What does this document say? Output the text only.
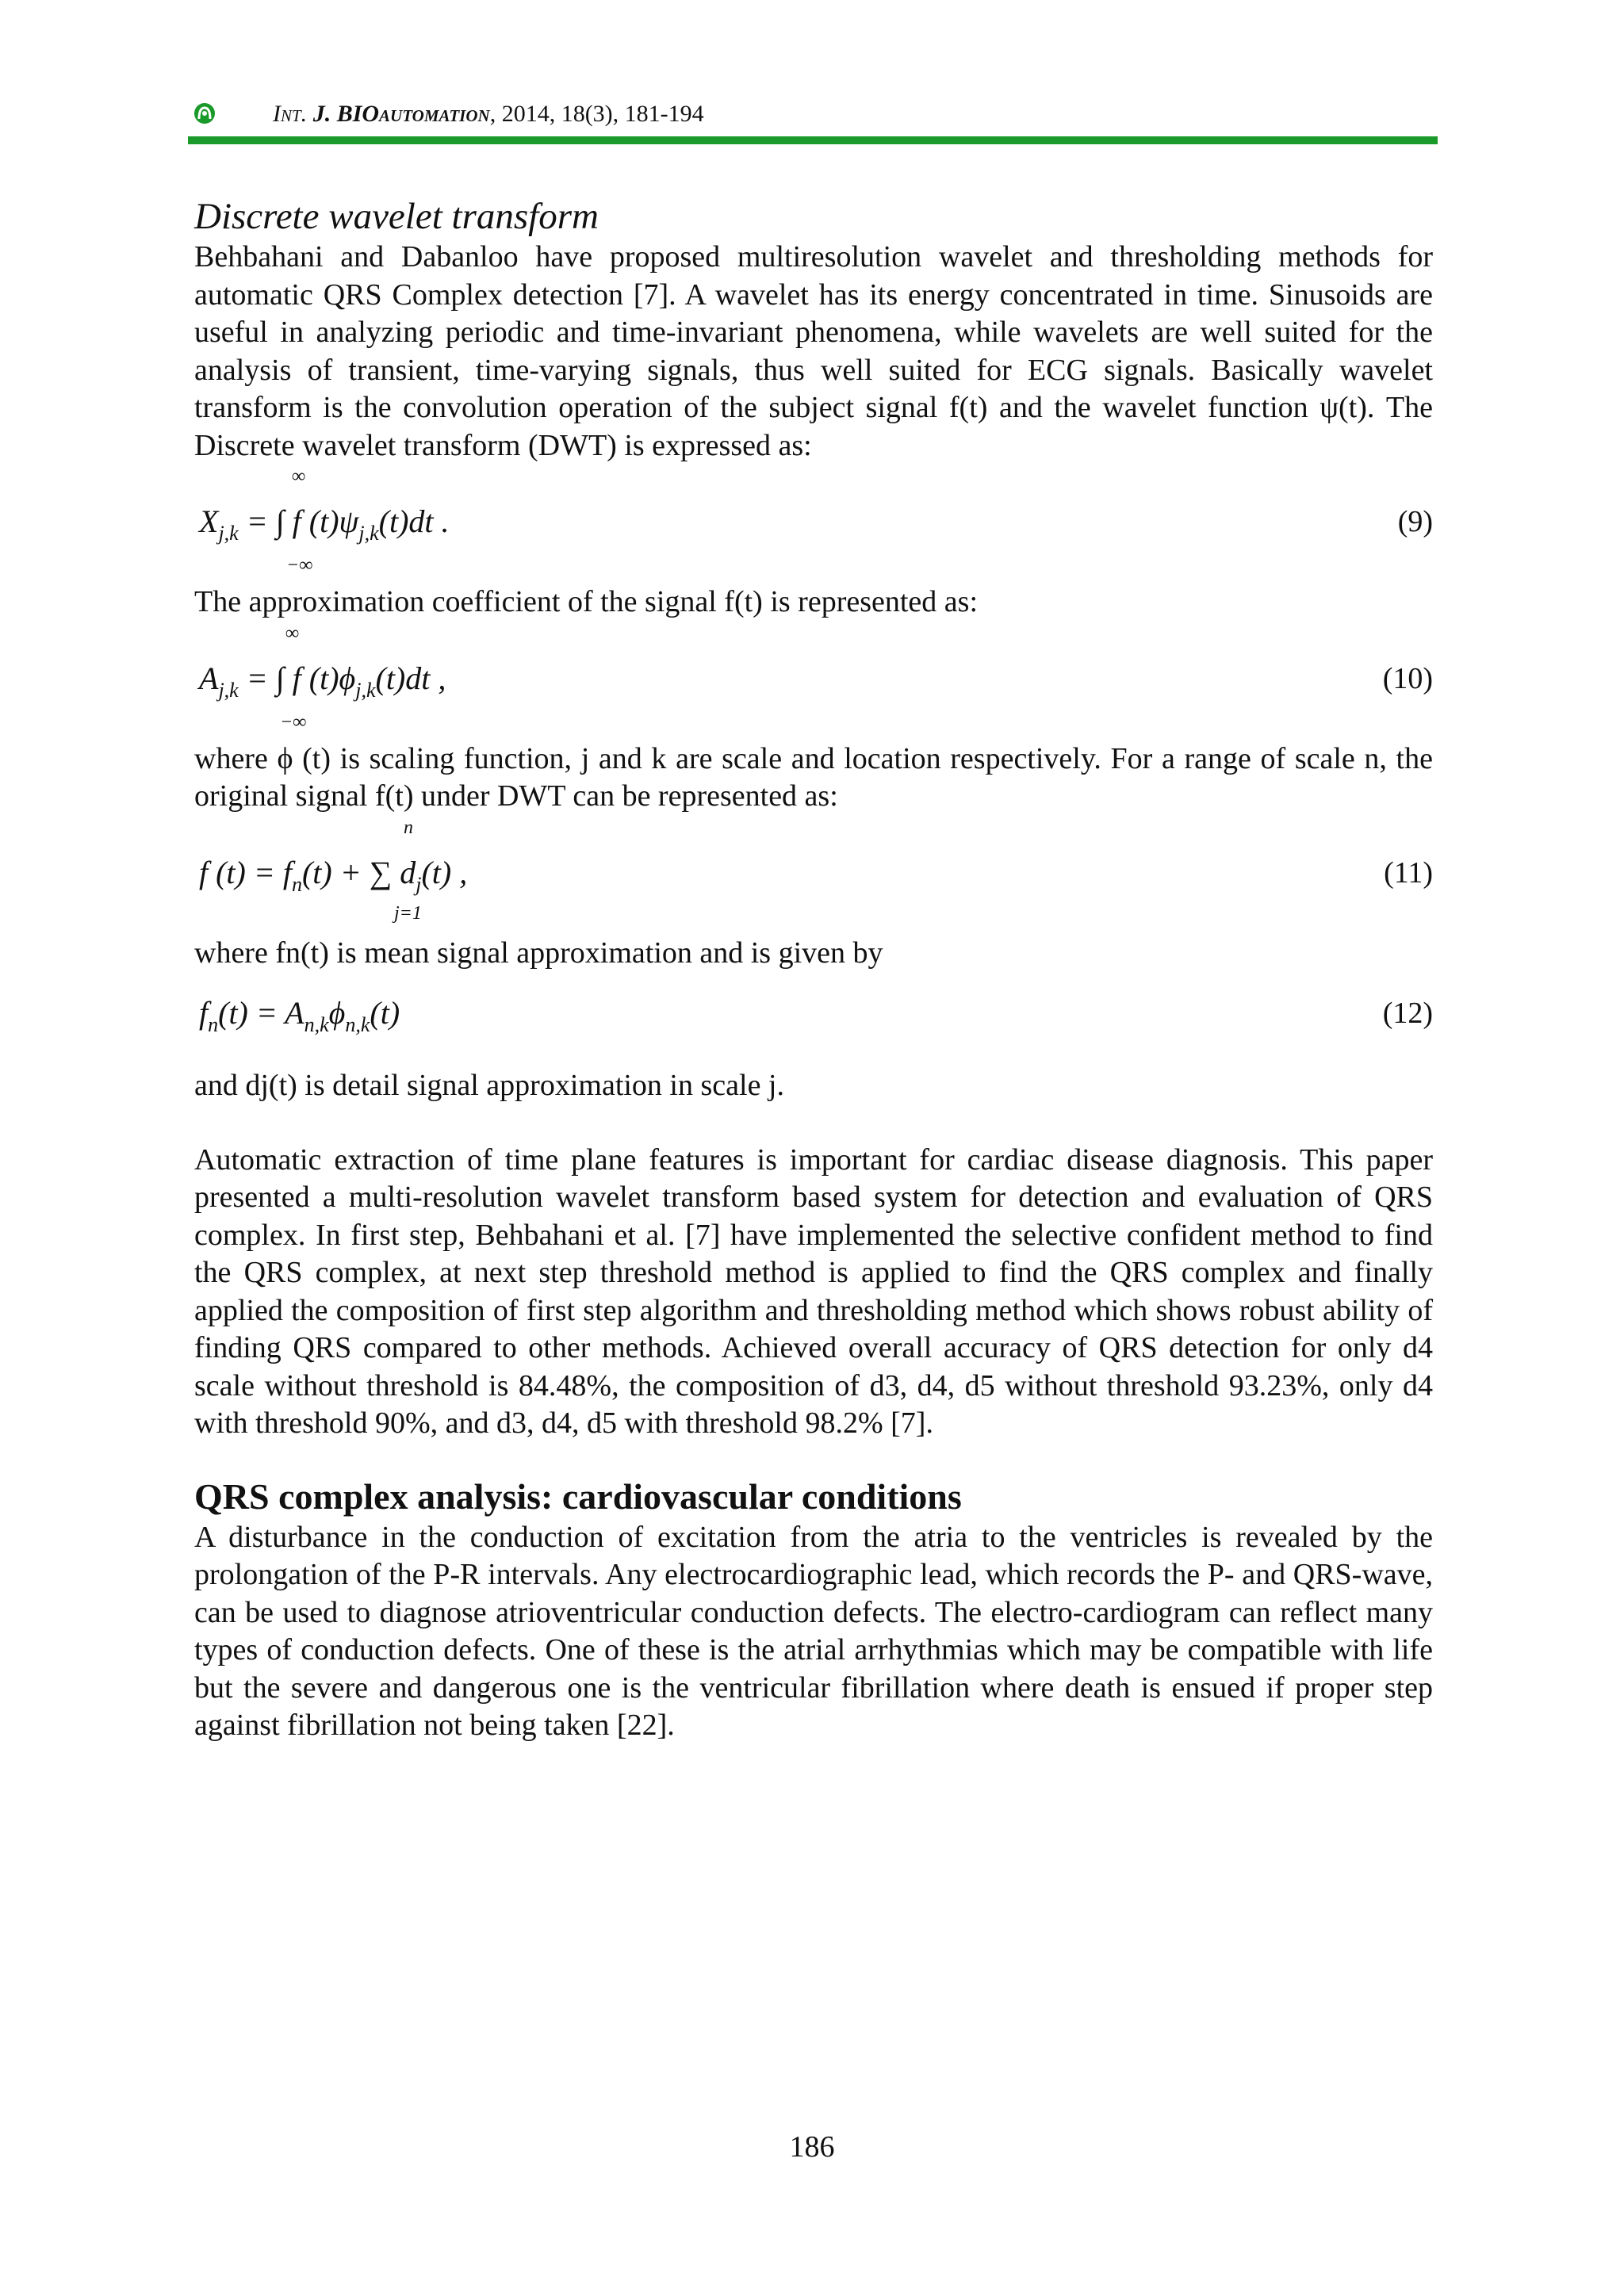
Int. J. BIOautomation, 2014, 18(3), 181-194
Discrete wavelet transform

Behbahani and Dabanloo have proposed multiresolution wavelet and thresholding methods for automatic QRS Complex detection [7]. A wavelet has its energy concentrated in time. Sinusoids are useful in analyzing periodic and time-invariant phenomena, while wavelets are well suited for the analysis of transient, time-varying signals, thus well suited for ECG signals. Basically wavelet transform is the convolution operation of the subject signal f(t) and the wavelet function ψ(t). The Discrete wavelet transform (DWT) is expressed as:

∞
−∞
$X_{j,k}$ = ∫ f $(t)\psi_{j,k}(t)dt$ .	(9)

The approximation coefficient of the signal f(t) is represented as:

∞
−∞
$A_{j,k}$ = ∫ f $(t)\phi_{j,k}(t)dt$ ,	(10)

where ϕ (t) is scaling function, j and k are scale and location respectively. For a range of scale n, the original signal f(t) under DWT can be represented as:

n
j=1
f $(t) = f_n(t)$ + ∑ $d_j(t)$ ,	(11)

where fn(t) is mean signal approximation and is given by

$f_n(t) = A_{n,k}\phi_{n,k}(t)$	(12)

and dj(t) is detail signal approximation in scale j.

Automatic extraction of time plane features is important for cardiac disease diagnosis. This paper presented a multi-resolution wavelet transform based system for detection and evaluation of QRS complex. In first step, Behbahani et al. [7] have implemented the selective confident method to find the QRS complex, at next step threshold method is applied to find the QRS complex and finally applied the composition of first step algorithm and thresholding method which shows robust ability of finding QRS compared to other methods. Achieved overall accuracy of QRS detection for only d4 scale without threshold is 84.48%, the composition of d3, d4, d5 without threshold 93.23%, only d4 with threshold 90%, and d3, d4, d5 with threshold 98.2% [7].

QRS complex analysis: cardiovascular conditions

A disturbance in the conduction of excitation from the atria to the ventricles is revealed by the prolongation of the P-R intervals. Any electrocardiographic lead, which records the P- and QRS-wave, can be used to diagnose atrioventricular conduction defects. The electro-cardiogram can reflect many types of conduction defects. One of these is the atrial arrhythmias which may be compatible with life but the severe and dangerous one is the ventricular fibrillation where death is ensued if proper step against fibrillation not being taken [22].

186
